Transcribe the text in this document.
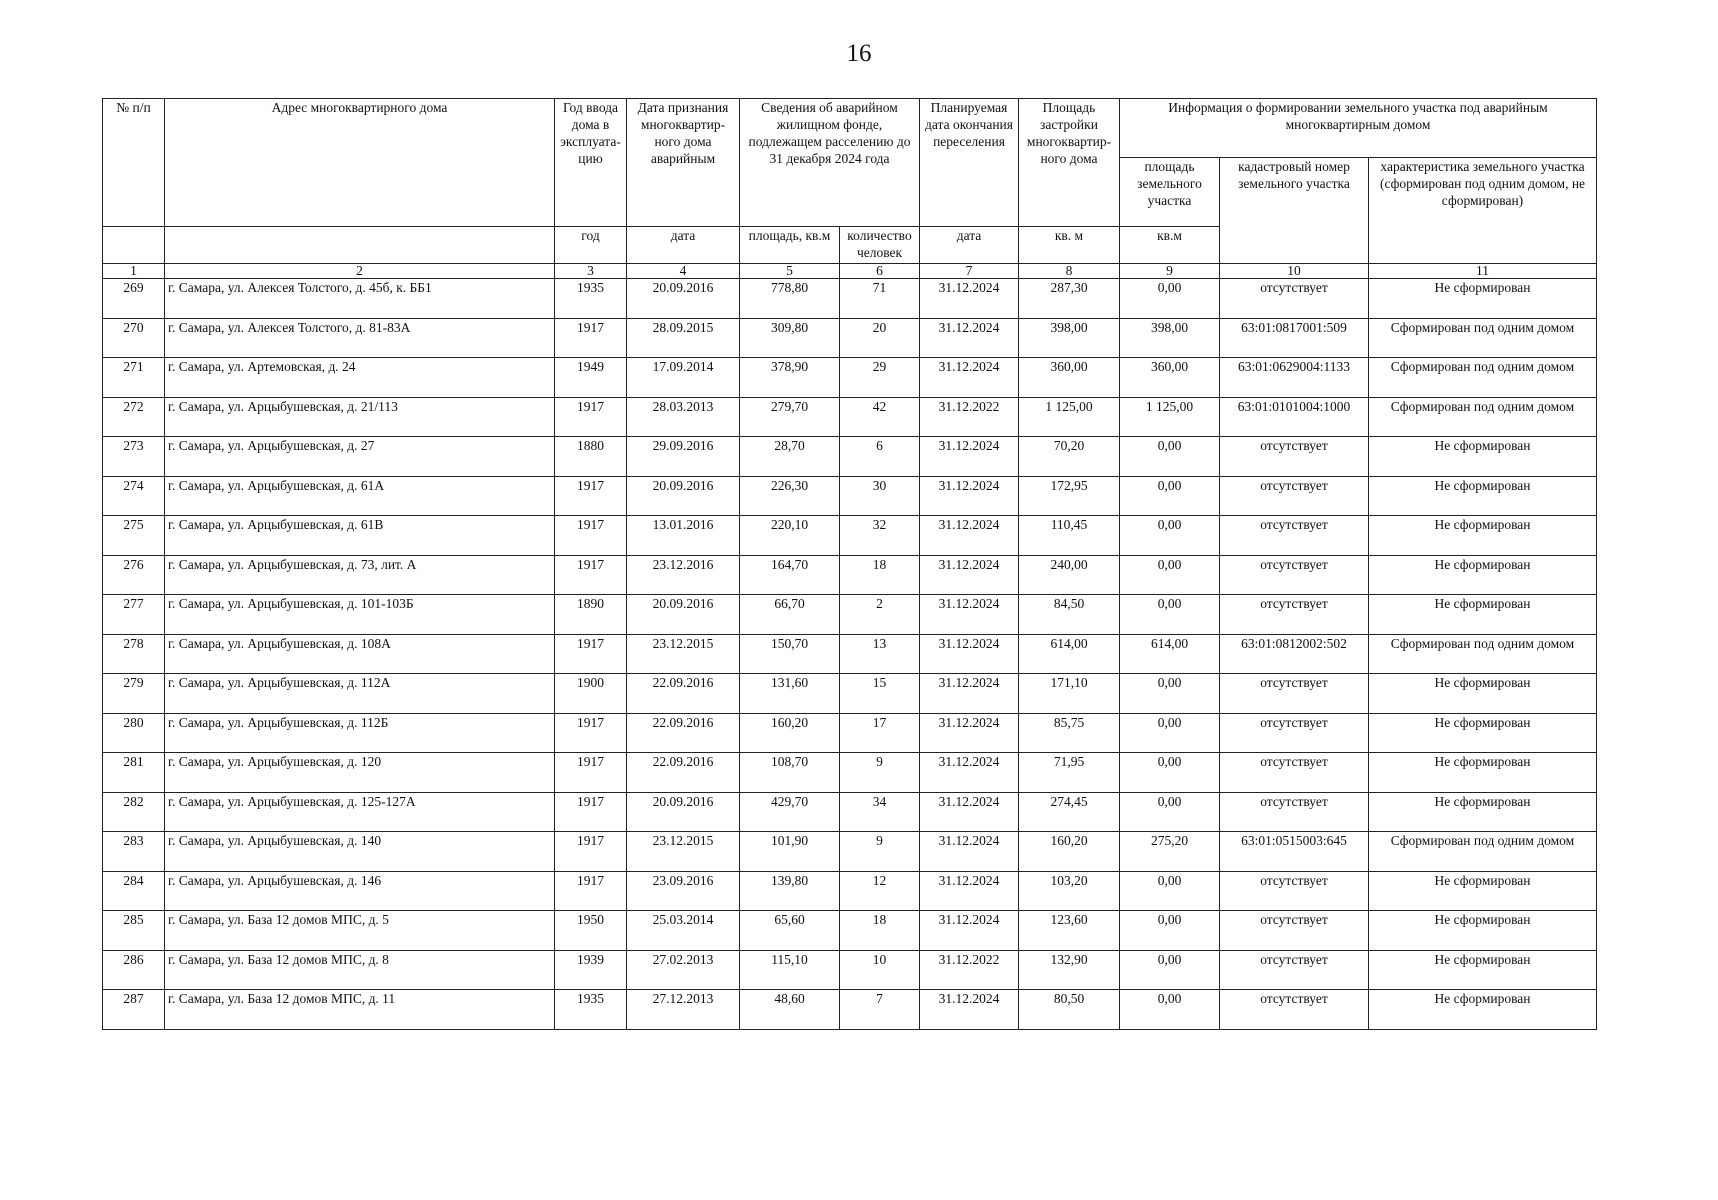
16
№ п/п	Адрес многоквартирного дома	Год ввода дома в эксплуата-цию	Дата признания многоквартир-ного дома аварийным	Сведения об аварийном жилищном фонде, подлежащем расселению до 31 декабря 2024 года		Планируемая дата окончания переселения	Площадь застройки многоквартир-ного дома	Информация о формировании земельного участка под аварийным многоквартирным домом		
								площадь земельного участка	кадастровый номер земельного участка	характеристика земельного участка (сформирован под одним домом, не сформирован)
		год	дата	площадь, кв.м	количество человек	дата	кв. м	кв.м		
1	2	3	4	5	6	7	8	9	10	11
269	г. Самара, ул. Алексея Толстого, д. 45б, к. ББ1	1935	20.09.2016	778,80	71	31.12.2024	287,30	0,00	отсутствует	Не сформирован
270	г. Самара, ул. Алексея Толстого, д. 81-83А	1917	28.09.2015	309,80	20	31.12.2024	398,00	398,00	63:01:0817001:509	Сформирован под одним домом
271	г. Самара, ул. Артемовская, д. 24	1949	17.09.2014	378,90	29	31.12.2024	360,00	360,00	63:01:0629004:1133	Сформирован под одним домом
272	г. Самара, ул. Арцыбушевская, д. 21/113	1917	28.03.2013	279,70	42	31.12.2022	1 125,00	1 125,00	63:01:0101004:1000	Сформирован под одним домом
273	г. Самара, ул. Арцыбушевская, д. 27	1880	29.09.2016	28,70	6	31.12.2024	70,20	0,00	отсутствует	Не сформирован
274	г. Самара, ул. Арцыбушевская, д. 61А	1917	20.09.2016	226,30	30	31.12.2024	172,95	0,00	отсутствует	Не сформирован
275	г. Самара, ул. Арцыбушевская, д. 61В	1917	13.01.2016	220,10	32	31.12.2024	110,45	0,00	отсутствует	Не сформирован
276	г. Самара, ул. Арцыбушевская, д. 73, лит. А	1917	23.12.2016	164,70	18	31.12.2024	240,00	0,00	отсутствует	Не сформирован
277	г. Самара, ул. Арцыбушевская, д. 101-103Б	1890	20.09.2016	66,70	2	31.12.2024	84,50	0,00	отсутствует	Не сформирован
278	г. Самара, ул. Арцыбушевская, д. 108А	1917	23.12.2015	150,70	13	31.12.2024	614,00	614,00	63:01:0812002:502	Сформирован под одним домом
279	г. Самара, ул. Арцыбушевская, д. 112А	1900	22.09.2016	131,60	15	31.12.2024	171,10	0,00	отсутствует	Не сформирован
280	г. Самара, ул. Арцыбушевская, д. 112Б	1917	22.09.2016	160,20	17	31.12.2024	85,75	0,00	отсутствует	Не сформирован
281	г. Самара, ул. Арцыбушевская, д. 120	1917	22.09.2016	108,70	9	31.12.2024	71,95	0,00	отсутствует	Не сформирован
282	г. Самара, ул. Арцыбушевская, д. 125-127А	1917	20.09.2016	429,70	34	31.12.2024	274,45	0,00	отсутствует	Не сформирован
283	г. Самара, ул. Арцыбушевская, д. 140	1917	23.12.2015	101,90	9	31.12.2024	160,20	275,20	63:01:0515003:645	Сформирован под одним домом
284	г. Самара, ул. Арцыбушевская, д. 146	1917	23.09.2016	139,80	12	31.12.2024	103,20	0,00	отсутствует	Не сформирован
285	г. Самара, ул. База 12 домов МПС, д. 5	1950	25.03.2014	65,60	18	31.12.2024	123,60	0,00	отсутствует	Не сформирован
286	г. Самара, ул. База 12 домов МПС, д. 8	1939	27.02.2013	115,10	10	31.12.2022	132,90	0,00	отсутствует	Не сформирован
287	г. Самара, ул. База 12 домов МПС, д. 11	1935	27.12.2013	48,60	7	31.12.2024	80,50	0,00	отсутствует	Не сформирован
